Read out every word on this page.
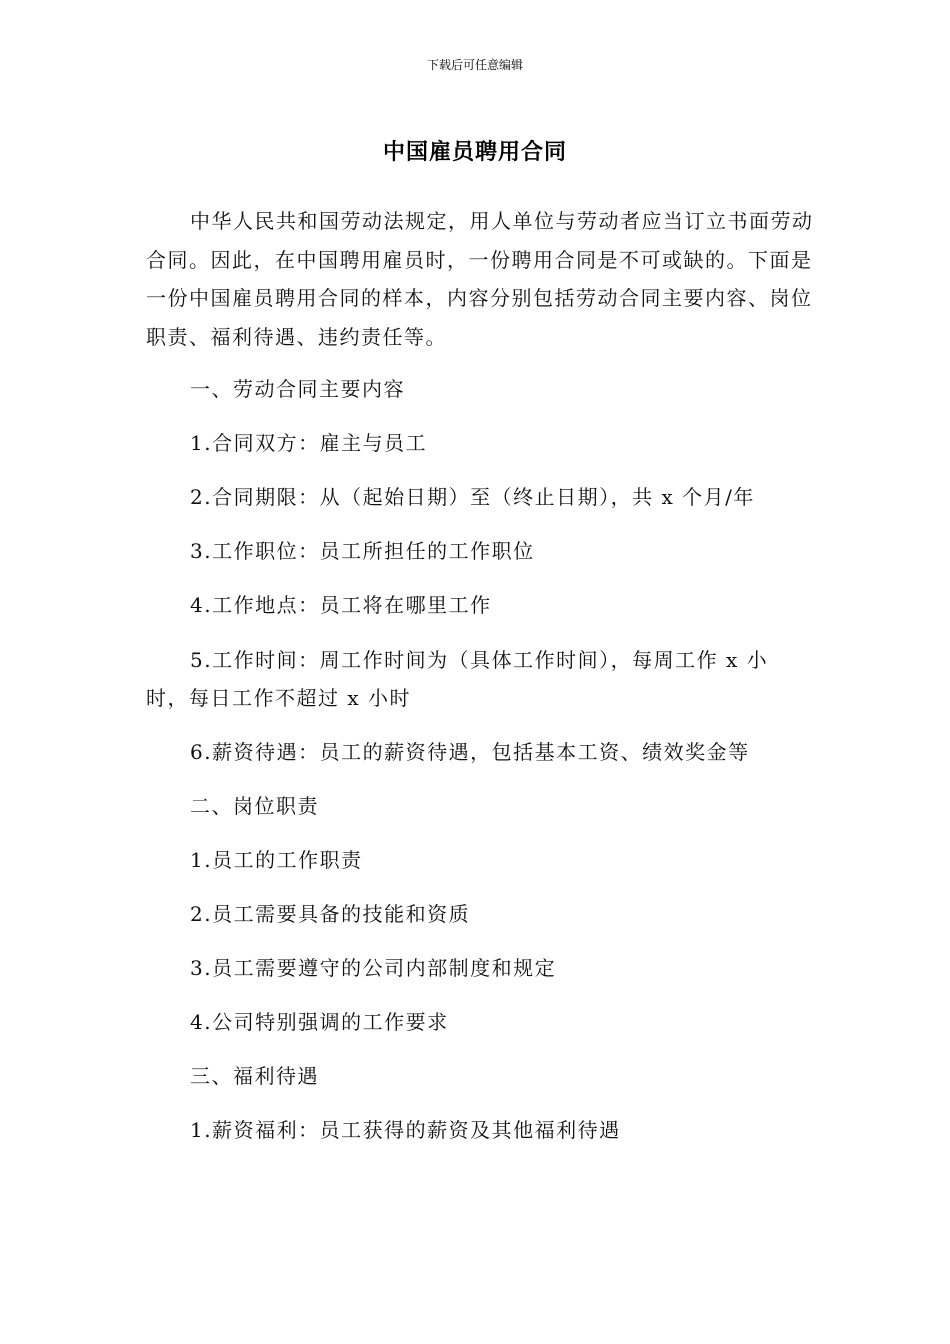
下载后可任意编辑
中国雇员聘用合同

中华人民共和国劳动法规定，用人单位与劳动者应当订立书面劳动合同。因此，在中国聘用雇员时，一份聘用合同是不可或缺的。下面是一份中国雇员聘用合同的样本，内容分别包括劳动合同主要内容、岗位职责、福利待遇、违约责任等。

一、劳动合同主要内容

1.合同双方：雇主与员工

2.合同期限：从（起始日期）至（终止日期），共 x 个月/年

3.工作职位：员工所担任的工作职位

4.工作地点：员工将在哪里工作

5.工作时间：周工作时间为（具体工作时间），每周工作 x 小时，每日工作不超过 x 小时

6.薪资待遇：员工的薪资待遇，包括基本工资、绩效奖金等

二、岗位职责

1.员工的工作职责

2.员工需要具备的技能和资质

3.员工需要遵守的公司内部制度和规定

4.公司特别强调的工作要求

三、福利待遇

1.薪资福利：员工获得的薪资及其他福利待遇
